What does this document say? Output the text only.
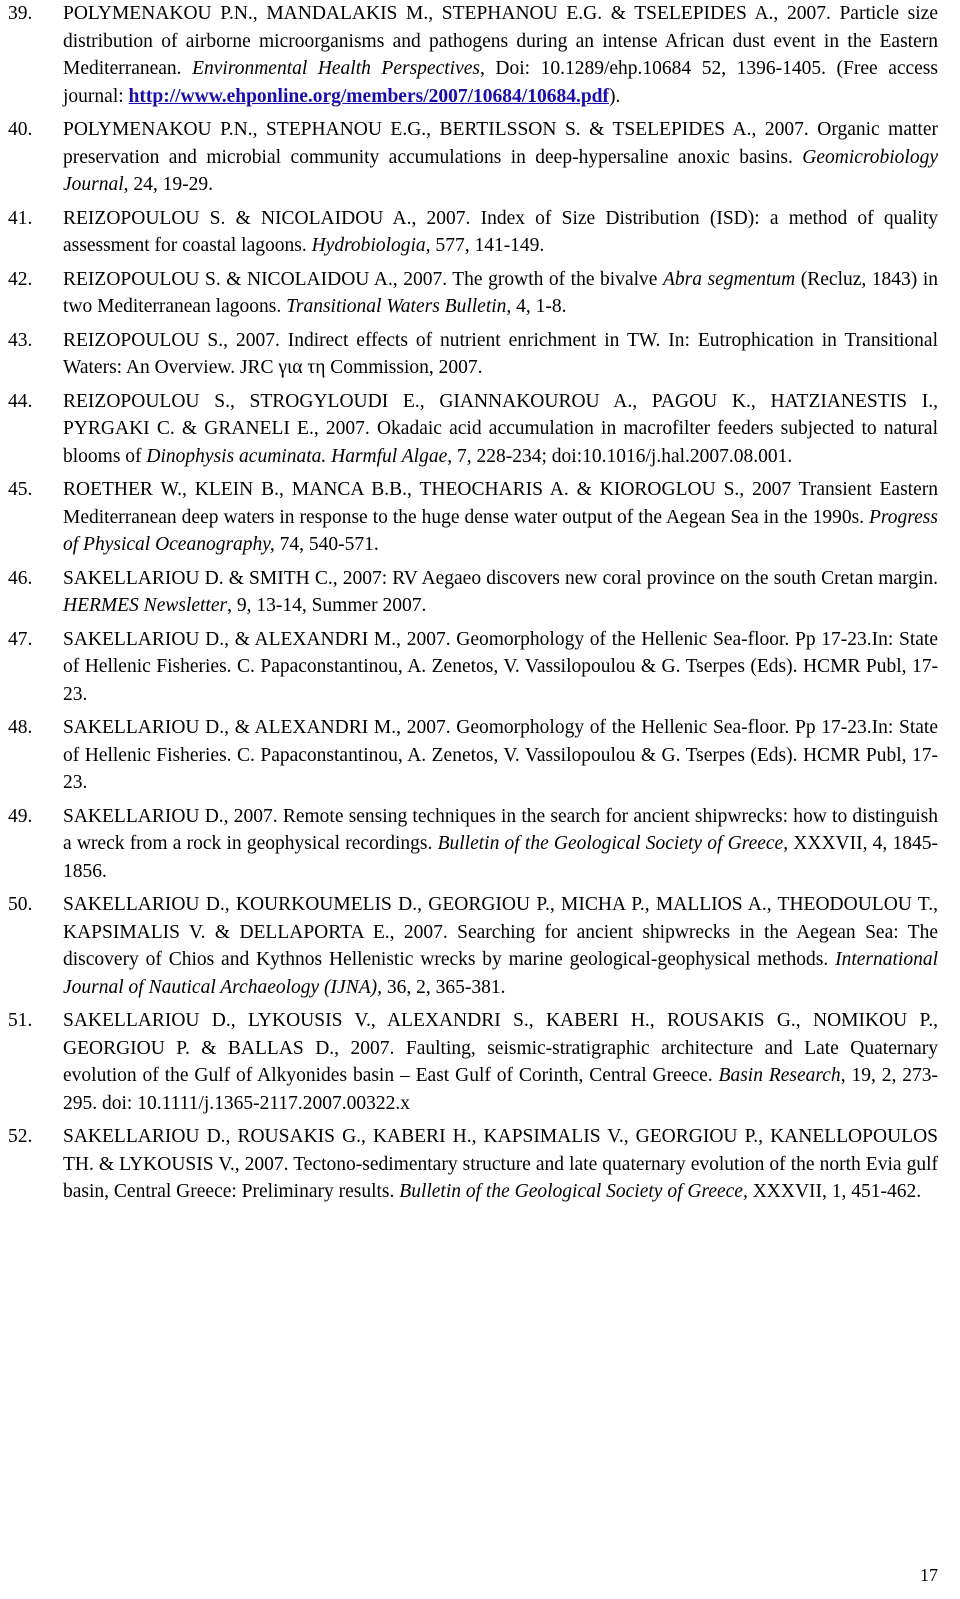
39.	POLYMENAKOU P.N., MANDALAKIS M., STEPHANOU E.G. & TSELEPIDES A., 2007. Particle size distribution of airborne microorganisms and pathogens during an intense African dust event in the Eastern Mediterranean. Environmental Health Perspectives, Doi: 10.1289/ehp.10684 52, 1396-1405. (Free access journal: http://www.ehponline.org/members/2007/10684/10684.pdf).
40.	POLYMENAKOU P.N., STEPHANOU E.G., BERTILSSON S. & TSELEPIDES A., 2007. Organic matter preservation and microbial community accumulations in deep-hypersaline anoxic basins. Geomicrobiology Journal, 24, 19-29.
41.	REIZOPOULOU S. & NICOLAIDOU A., 2007. Index of Size Distribution (ISD): a method of quality assessment for coastal lagoons. Hydrobiologia, 577, 141-149.
42.	REIZOPOULOU S. & NICOLAIDOU A., 2007. The growth of the bivalve Abra segmentum (Recluz, 1843) in two Mediterranean lagoons. Transitional Waters Bulletin, 4, 1-8.
43.	REIZOPOULOU S., 2007. Indirect effects of nutrient enrichment in TW. In: Eutrophication in Transitional Waters: An Overview. JRC για τη Commission, 2007.
44.	REIZOPOULOU S., STROGYLOUDI E., GIANNAKOUROU A., PAGOU K., HATZIANESTIS I., PYRGAKI C. & GRANELI E., 2007. Okadaic acid accumulation in macrofilter feeders subjected to natural blooms of Dinophysis acuminata. Harmful Algae, 7, 228-234; doi:10.1016/j.hal.2007.08.001.
45.	ROETHER W., KLEIN B., MANCA B.B., THEOCHARIS A. & KIOROGLOU S., 2007 Transient Eastern Mediterranean deep waters in response to the huge dense water output of the Aegean Sea in the 1990s. Progress of Physical Oceanography, 74, 540-571.
46.	SAKELLARIOU D. & SMITH C., 2007: RV Aegaeo discovers new coral province on the south Cretan margin. HERMES Newsletter, 9, 13-14, Summer 2007.
47.	SAKELLARIOU D., & ALEXANDRI M., 2007. Geomorphology of the Hellenic Sea-floor. Pp 17-23.In: State of Hellenic Fisheries. C. Papaconstantinou, A. Zenetos, V. Vassilopoulou & G. Tserpes (Eds). HCMR Publ, 17-23.
48.	SAKELLARIOU D., & ALEXANDRI M., 2007. Geomorphology of the Hellenic Sea-floor. Pp 17-23.In: State of Hellenic Fisheries. C. Papaconstantinou, A. Zenetos, V. Vassilopoulou & G. Tserpes (Eds). HCMR Publ, 17-23.
49.	SAKELLARIOU D., 2007. Remote sensing techniques in the search for ancient shipwrecks: how to distinguish a wreck from a rock in geophysical recordings. Bulletin of the Geological Society of Greece, XXXVII, 4, 1845-1856.
50.	SAKELLARIOU D., KOURKOUMELIS D., GEORGIOU P., MICHA P., MALLIOS A., THEODOULOU T., KAPSIMALIS V. & DELLAPORTA E., 2007. Searching for ancient shipwrecks in the Aegean Sea: The discovery of Chios and Kythnos Hellenistic wrecks by marine geological-geophysical methods. International Journal of Nautical Archaeology (IJNA), 36, 2, 365-381.
51.	SAKELLARIOU D., LYKOUSIS V., ALEXANDRI S., KABERI H., ROUSAKIS G., NOMIKOU P., GEORGIOU P. & BALLAS D., 2007. Faulting, seismic-stratigraphic architecture and Late Quaternary evolution of the Gulf of Alkyonides basin – East Gulf of Corinth, Central Greece. Basin Research, 19, 2, 273-295. doi: 10.1111/j.1365-2117.2007.00322.x
52.	SAKELLARIOU D., ROUSAKIS G., KABERI H., KAPSIMALIS V., GEORGIOU P., KANELLOPOULOS TH. & LYKOUSIS V., 2007. Tectono-sedimentary structure and late quaternary evolution of the north Evia gulf basin, Central Greece: Preliminary results. Bulletin of the Geological Society of Greece, XXXVII, 1, 451-462.
17
